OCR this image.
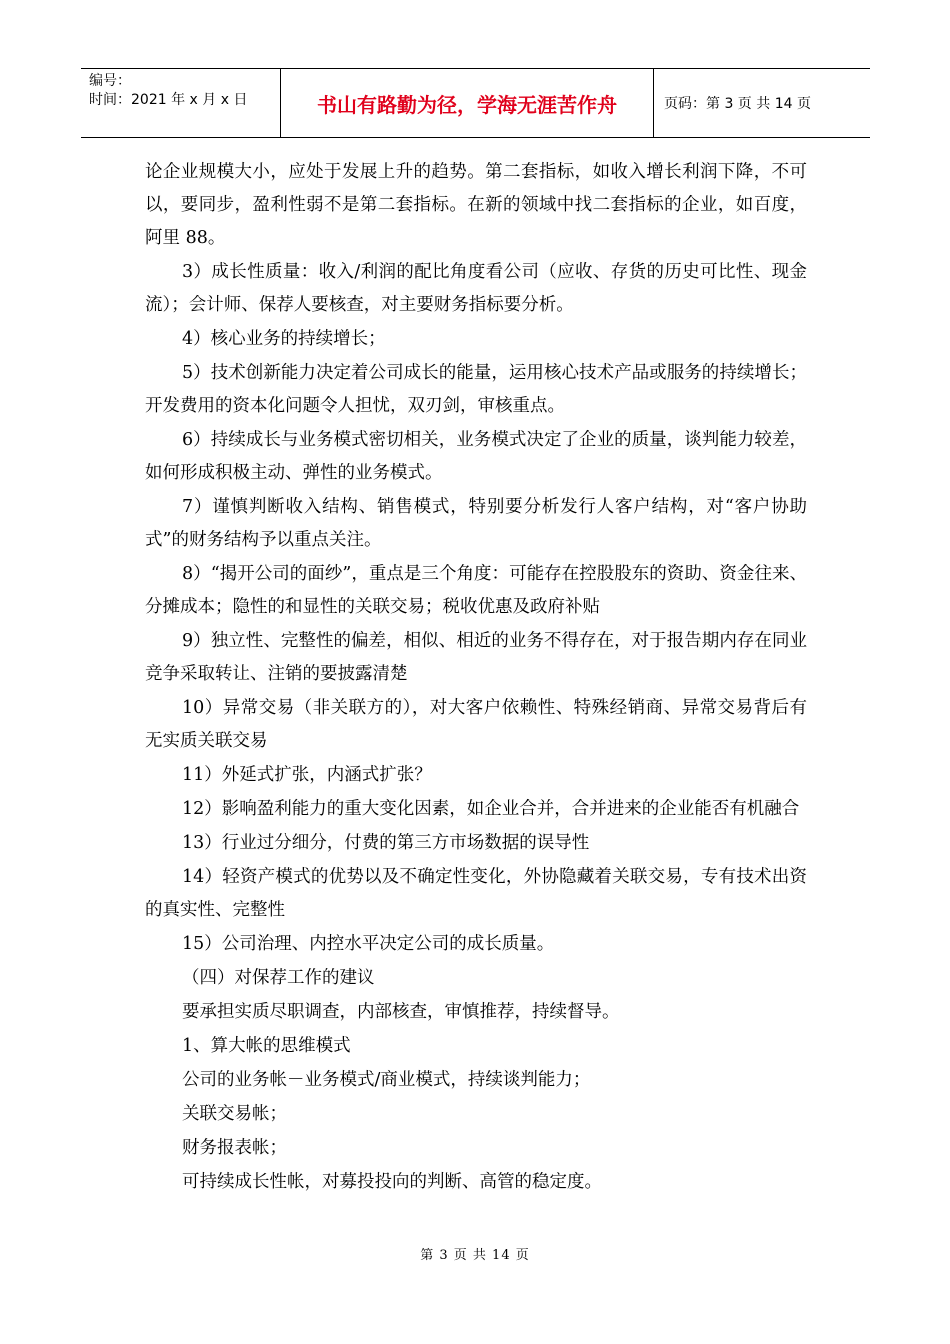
编号：
时间：2021 年 x 月 x 日	书山有路勤为径，学海无涯苦作舟	页码：第 3 页 共 14 页

论企业规模大小，应处于发展上升的趋势。第二套指标，如收入增长利润下降，不可以，要同步，盈利性弱不是第二套指标。在新的领域中找二套指标的企业，如百度，阿里 88。

3）成长性质量：收入/利润的配比角度看公司（应收、存货的历史可比性、现金流）；会计师、保荐人要核查，对主要财务指标要分析。

4）核心业务的持续增长；

5）技术创新能力决定着公司成长的能量，运用核心技术产品或服务的持续增长；开发费用的资本化问题令人担忧，双刃剑，审核重点。

6）持续成长与业务模式密切相关，业务模式决定了企业的质量，谈判能力较差，如何形成积极主动、弹性的业务模式。

7）谨慎判断收入结构、销售模式，特别要分析发行人客户结构，对“客户协助式”的财务结构予以重点关注。

8）“揭开公司的面纱”，重点是三个角度：可能存在控股股东的资助、资金往来、分摊成本；隐性的和显性的关联交易；税收优惠及政府补贴

9）独立性、完整性的偏差，相似、相近的业务不得存在，对于报告期内存在同业竞争采取转让、注销的要披露清楚

10）异常交易（非关联方的），对大客户依赖性、特殊经销商、异常交易背后有无实质关联交易

11）外延式扩张，内涵式扩张？

12）影响盈利能力的重大变化因素，如企业合并，合并进来的企业能否有机融合

13）行业过分细分，付费的第三方市场数据的误导性

14）轻资产模式的优势以及不确定性变化，外协隐藏着关联交易，专有技术出资的真实性、完整性

15）公司治理、内控水平决定公司的成长质量。

（四）对保荐工作的建议

要承担实质尽职调查，内部核查，审慎推荐，持续督导。

1、算大帐的思维模式

公司的业务帐－业务模式/商业模式，持续谈判能力；

关联交易帐；

财务报表帐；

可持续成长性帐，对募投投向的判断、高管的稳定度。

第 3 页 共 14 页
